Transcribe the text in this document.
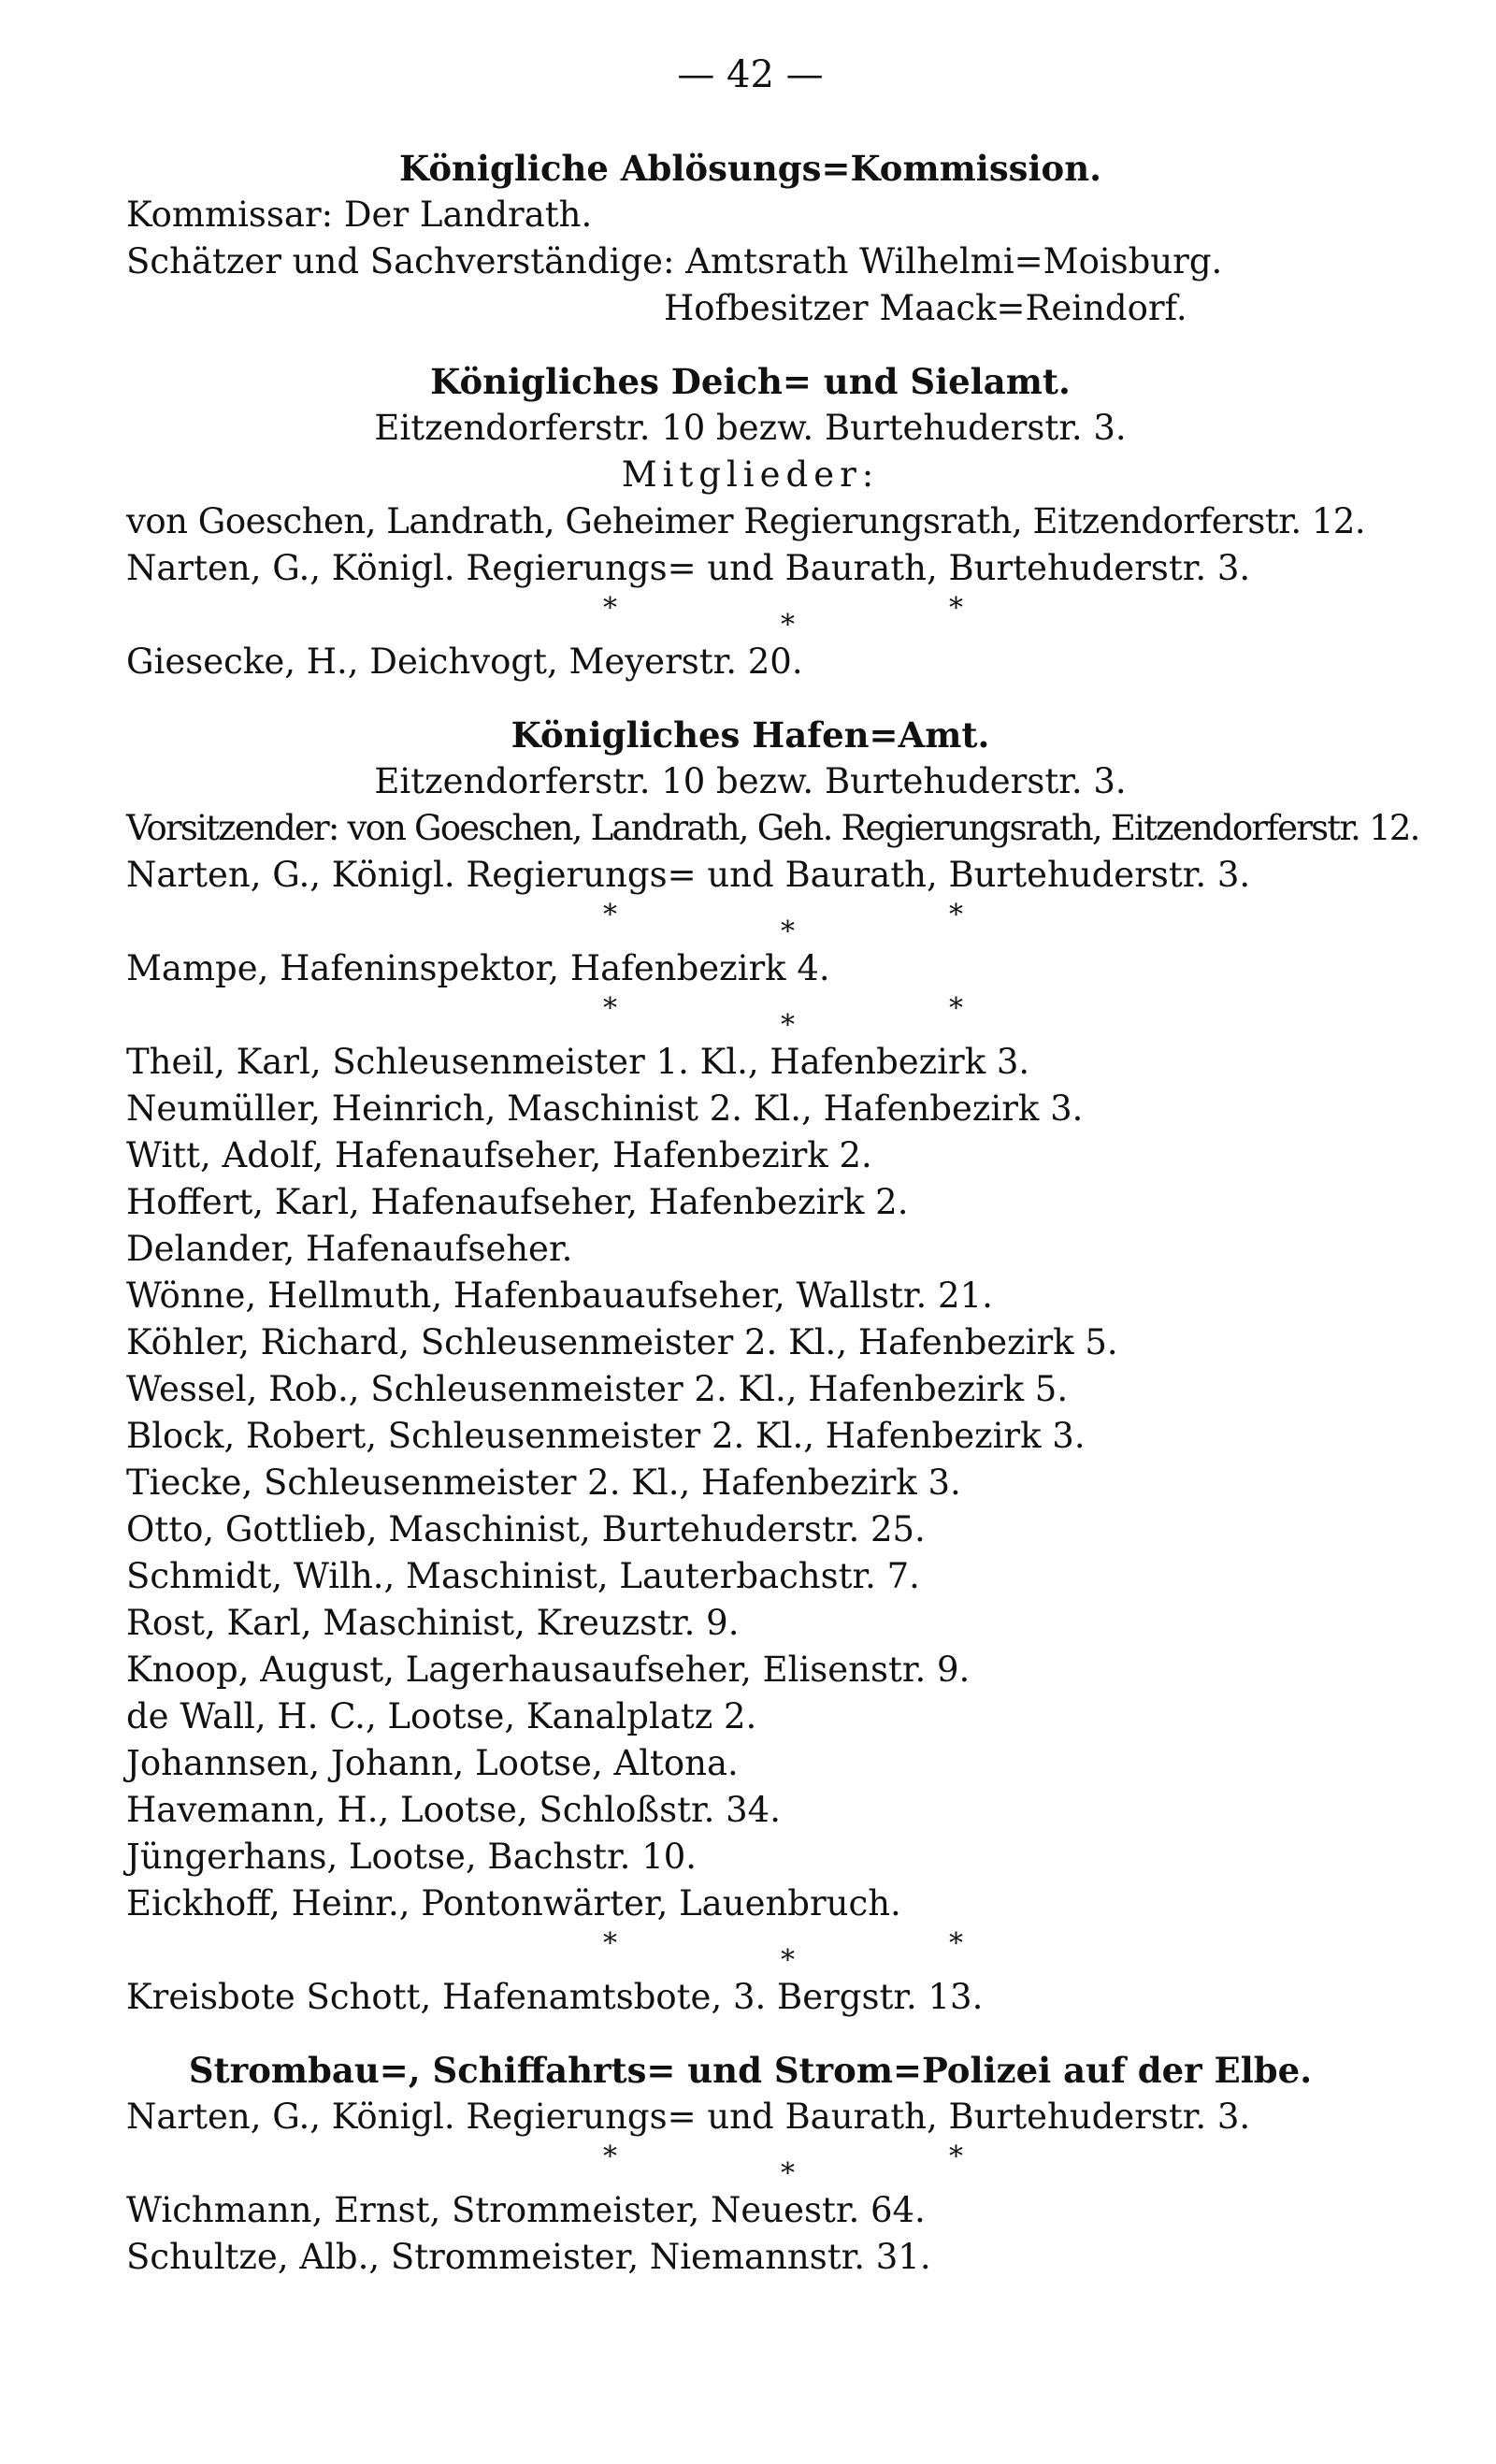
— 42 —
Königliche Ablösungs=Kommission.
Kommissar: Der Landrath.
Schätzer und Sachverständige: Amtsrath Wilhelmi=Moisburg.
Hofbesitzer Maack=Reindorf.
Königliches Deich= und Sielamt.
Eitzendorferstr. 10 bezw. Burtehuderstr. 3.
Mitglieder:
von Goeschen, Landrath, Geheimer Regierungsrath, Eitzendorferstr. 12.
Narten, G., Königl. Regierungs= und Baurath, Burtehuderstr. 3.
*
*
*
Giesecke, H., Deichvogt, Meyerstr. 20.
Königliches Hafen=Amt.
Eitzendorferstr. 10 bezw. Burtehuderstr. 3.
Vorsitzender: von Goeschen, Landrath, Geh. Regierungsrath, Eitzendorferstr. 12.
Narten, G., Königl. Regierungs= und Baurath, Burtehuderstr. 3.
*
*
*
Mampe, Hafeninspektor, Hafenbezirk 4.
*
*
*
Theil, Karl, Schleusenmeister 1. Kl., Hafenbezirk 3.
Neumüller, Heinrich, Maschinist 2. Kl., Hafenbezirk 3.
Witt, Adolf, Hafenaufseher, Hafenbezirk 2.
Hoffert, Karl, Hafenaufseher, Hafenbezirk 2.
Delander, Hafenaufseher.
Wönne, Hellmuth, Hafenbauaufseher, Wallstr. 21.
Köhler, Richard, Schleusenmeister 2. Kl., Hafenbezirk 5.
Wessel, Rob., Schleusenmeister 2. Kl., Hafenbezirk 5.
Block, Robert, Schleusenmeister 2. Kl., Hafenbezirk 3.
Tiecke, Schleusenmeister 2. Kl., Hafenbezirk 3.
Otto, Gottlieb, Maschinist, Burtehuderstr. 25.
Schmidt, Wilh., Maschinist, Lauterbachstr. 7.
Rost, Karl, Maschinist, Kreuzstr. 9.
Knoop, August, Lagerhausaufseher, Elisenstr. 9.
de Wall, H. C., Lootse, Kanalplatz 2.
Johannsen, Johann, Lootse, Altona.
Havemann, H., Lootse, Schloßstr. 34.
Jüngerhans, Lootse, Bachstr. 10.
Eickhoff, Heinr., Pontonwärter, Lauenbruch.
*
*
*
Kreisbote Schott, Hafenamtsbote, 3. Bergstr. 13.
Strombau=, Schiffahrts= und Strom=Polizei auf der Elbe.
Narten, G., Königl. Regierungs= und Baurath, Burtehuderstr. 3.
*
*
*
Wichmann, Ernst, Strommeister, Neuestr. 64.
Schultze, Alb., Strommeister, Niemannstr. 31.
